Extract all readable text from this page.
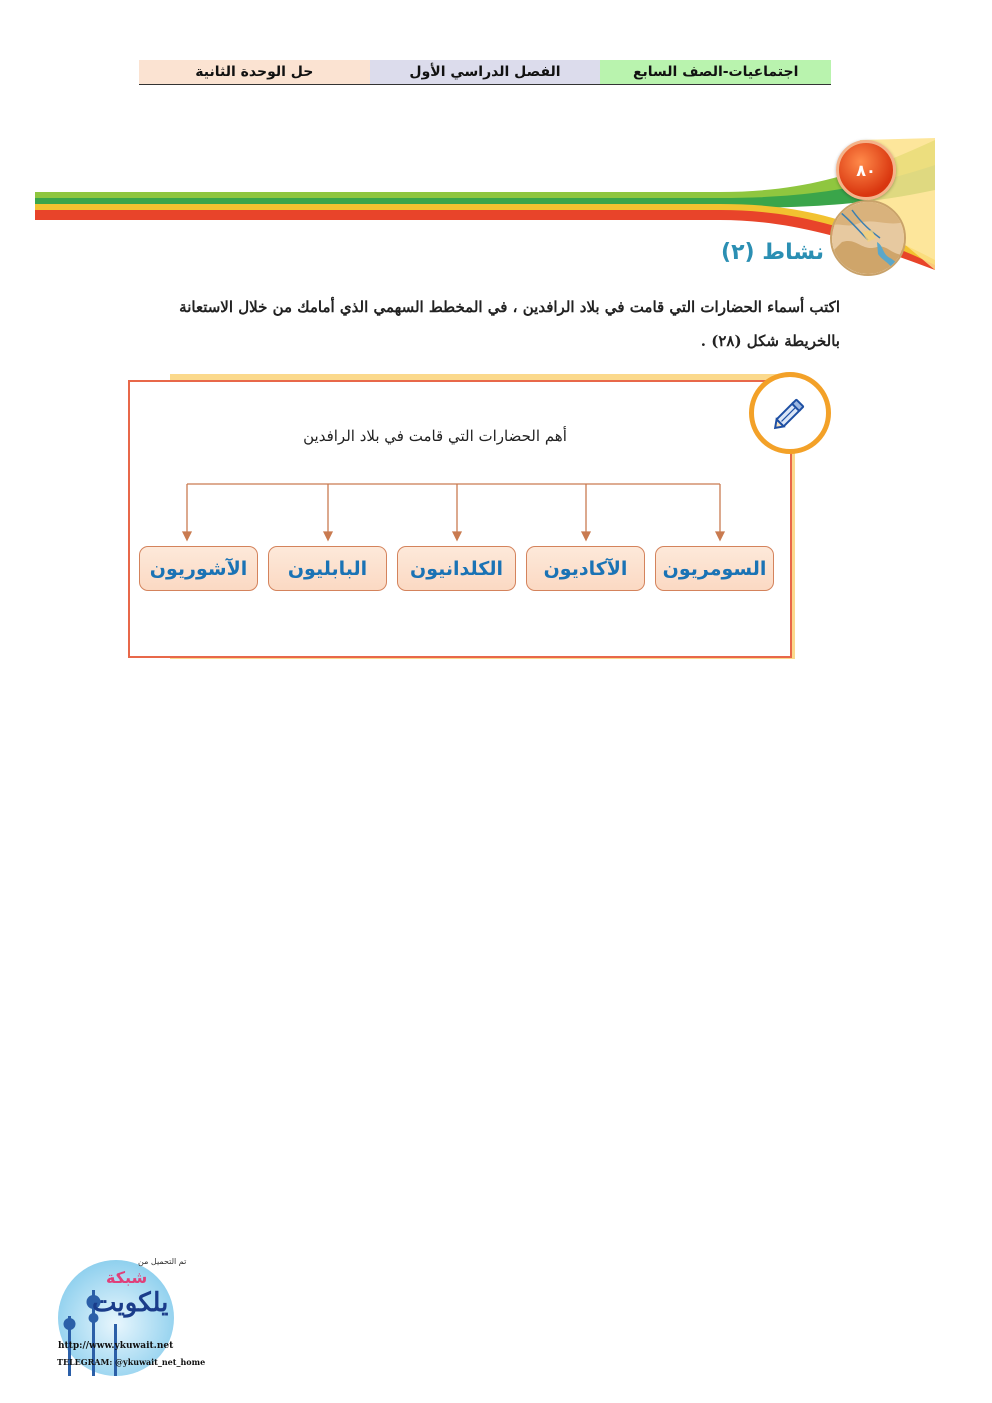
حل الوحدة الثانية	الفصل الدراسي الأول	اجتماعيات-الصف السابع
٨٠
نشاط (٢)
اكتب أسماء الحضارات التي قامت في بلاد الرافدين ، في المخطط السهمي الذي أمامك من خلال الاستعانة بالخريطة شكل (٢٨) .
أهم الحضارات التي قامت في بلاد الرافدين
الآشوريون	البابليون	الكلدانيون	الآكاديون	السومريون
تم التحميل من
شبكة
يلكويت
http://www.ykuwait.net
TELEGRAM: @ykuwait_net_home
